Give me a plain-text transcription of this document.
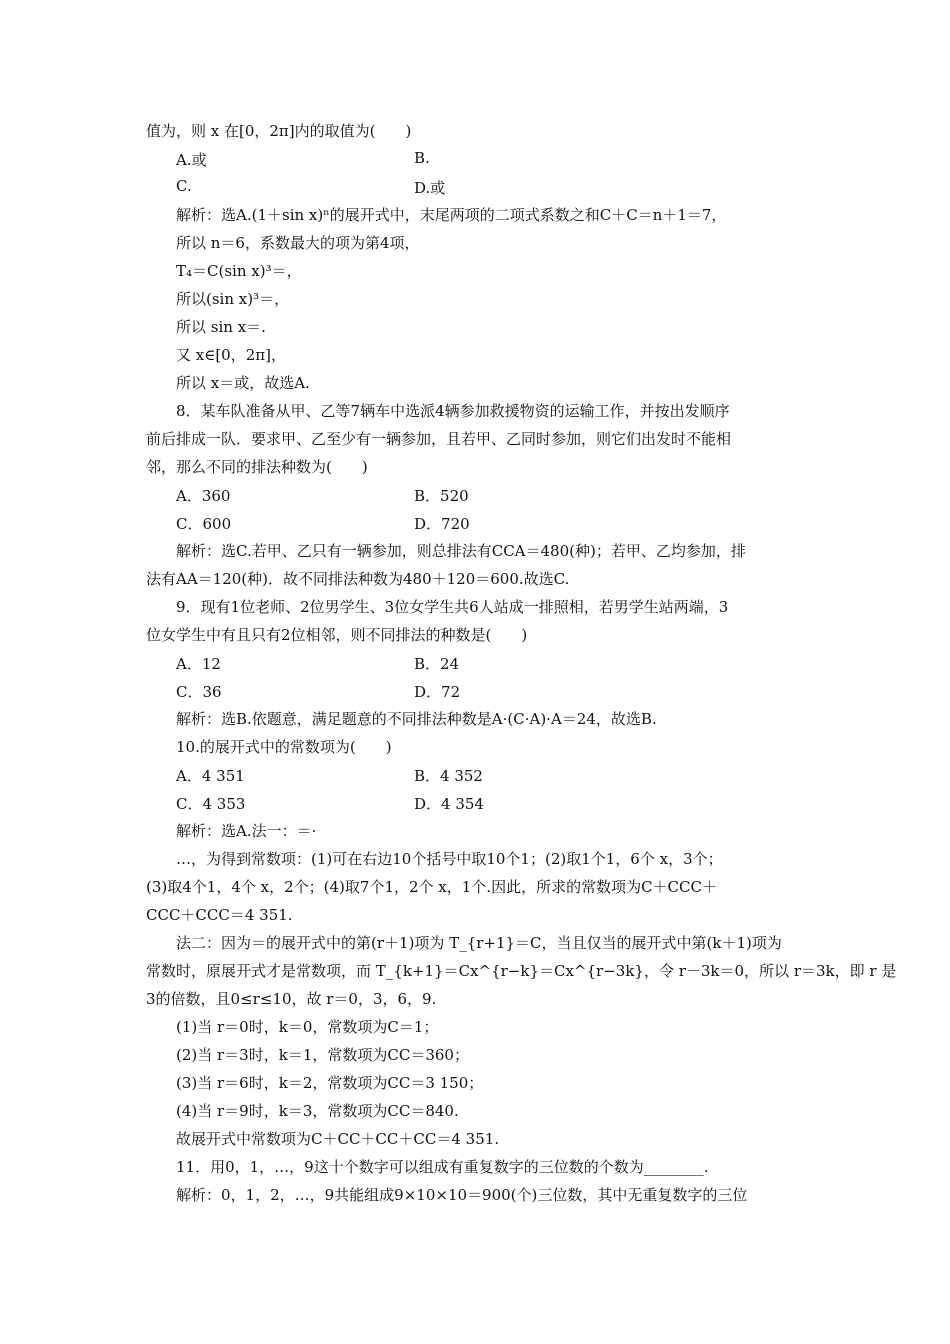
值为，则 x 在[0，2π]内的取值为(　　)
A.或	B.
C.	D.或
解析：选A.(1＋sin x)ⁿ的展开式中，末尾两项的二项式系数之和C＋C＝n＋1＝7，
所以 n＝6，系数最大的项为第4项，
T₄＝C(sin x)³＝，
所以(sin x)³＝，
所以 sin x＝.
又 x∈[0，2π]，
所以 x＝或，故选A.
8．某车队准备从甲、乙等7辆车中选派4辆参加救援物资的运输工作，并按出发顺序
前后排成一队．要求甲、乙至少有一辆参加，且若甲、乙同时参加，则它们出发时不能相
邻，那么不同的排法种数为(　　)
A．360	B．520
C．600	D．720
解析：选C.若甲、乙只有一辆参加，则总排法有CCA＝480(种)；若甲、乙均参加，排
法有AA＝120(种)．故不同排法种数为480＋120＝600.故选C.
9．现有1位老师、2位男学生、3位女学生共6人站成一排照相，若男学生站两端，3
位女学生中有且只有2位相邻，则不同排法的种数是(　　)
A．12	B．24
C．36	D．72
解析：选B.依题意，满足题意的不同排法种数是A·(C·A)·A＝24，故选B.
10.的展开式中的常数项为(　　)
A．4 351	B．4 352
C．4 353	D．4 354
解析：选A.法一：＝·
…，为得到常数项：(1)可在右边10个括号中取10个1；(2)取1个1，6个 x，3个；
(3)取4个1，4个 x，2个；(4)取7个1，2个 x，1个.因此，所求的常数项为C＋CCC＋
CCC＋CCC＝4 351.
法二：因为＝的展开式中的第(r＋1)项为 T_{r+1}＝C，当且仅当的展开式中第(k＋1)项为
常数时，原展开式才是常数项，而 T_{k+1}＝Cx^{r−k}＝Cx^{r−3k}，令 r－3k＝0，所以 r＝3k，即 r 是
3的倍数，且0≤r≤10，故 r＝0，3，6，9.
(1)当 r＝0时，k＝0，常数项为C＝1；
(2)当 r＝3时，k＝1，常数项为CC＝360；
(3)当 r＝6时，k＝2，常数项为CC＝3 150；
(4)当 r＝9时，k＝3，常数项为CC＝840.
故展开式中常数项为C＋CC＋CC＋CC＝4 351.
11．用0，1，…，9这十个数字可以组成有重复数字的三位数的个数为________.
解析：0，1，2，…，9共能组成9×10×10＝900(个)三位数，其中无重复数字的三位
